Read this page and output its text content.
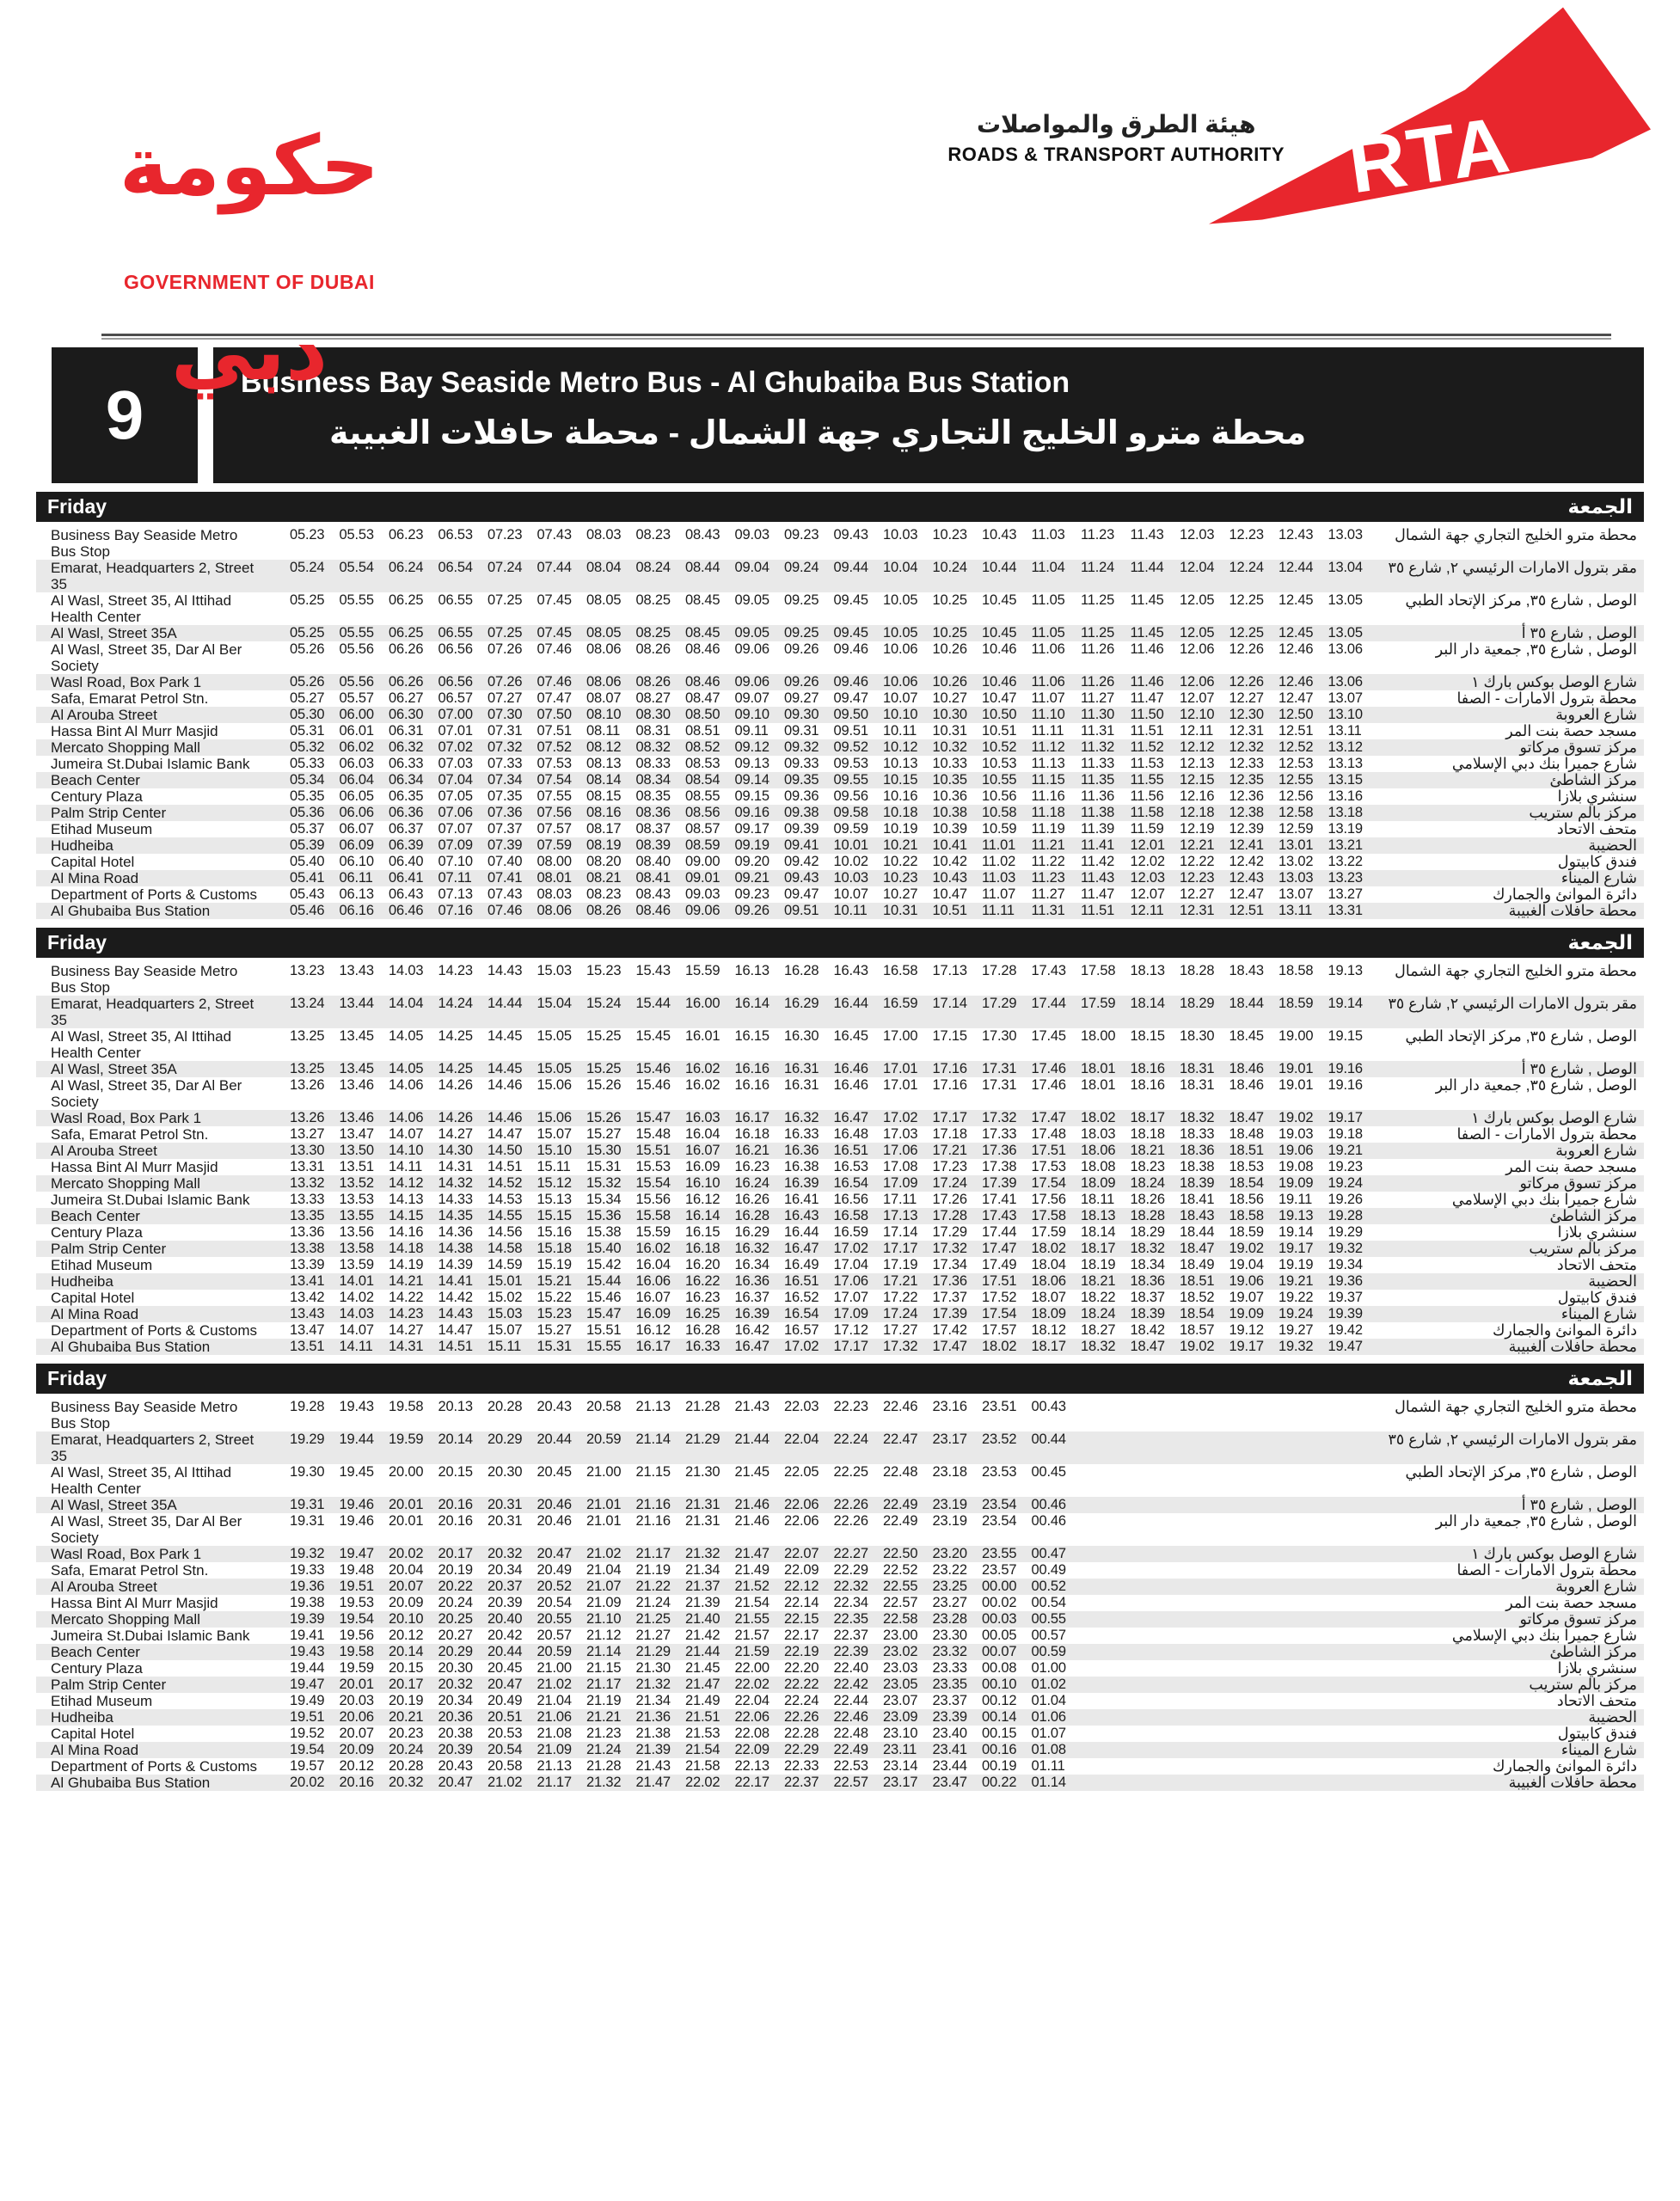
حكومة دبي
GOVERNMENT OF DUBAI
هيئة الطرق والمواصلات
ROADS & TRANSPORT AUTHORITY RTA
9	Business Bay Seaside Metro Bus - Al Ghubaiba Bus Station
محطة مترو الخليج التجاري جهة الشمال - محطة حافلات الغبيبة
Friday	الجمعة
Business Bay Seaside Metro Bus Stop
05.23	05.53	06.23	06.53	07.23	07.43	08.03	08.23	08.43	09.03	09.23	09.43	10.03	10.23	10.43	11.03	11.23	11.43	12.03	12.23	12.43	13.03	محطة مترو الخليج التجاري جهة الشمال
Emarat, Headquarters 2, Street 35
05.24	05.54	06.24	06.54	07.24	07.44	08.04	08.24	08.44	09.04	09.24	09.44	10.04	10.24	10.44	11.04	11.24	11.44	12.04	12.24	12.44	13.04	مقر بترول الامارات الرئيسي ٢, شارع ٣٥
Al Wasl, Street 35, Al Ittihad Health Center
05.25	05.55	06.25	06.55	07.25	07.45	08.05	08.25	08.45	09.05	09.25	09.45	10.05	10.25	10.45	11.05	11.25	11.45	12.05	12.25	12.45	13.05	الوصل , شارع ٣٥, مركز الإتحاد الطبي
Al Wasl, Street 35A	05.25	05.55	06.25	06.55	07.25	07.45	08.05	08.25	08.45	09.05	09.25	09.45	10.05	10.25	10.45	11.05	11.25	11.45	12.05	12.25	12.45	13.05	الوصل , شارع ٣٥ أ
Al Wasl, Street 35, Dar Al Ber Society
05.26	05.56	06.26	06.56	07.26	07.46	08.06	08.26	08.46	09.06	09.26	09.46	10.06	10.26	10.46	11.06	11.26	11.46	12.06	12.26	12.46	13.06	الوصل , شارع ٣٥, جمعية دار البر
Wasl Road, Box Park 1	05.26	05.56	06.26	06.56	07.26	07.46	08.06	08.26	08.46	09.06	09.26	09.46	10.06	10.26	10.46	11.06	11.26	11.46	12.06	12.26	12.46	13.06	شارع الوصل بوكس بارك ١
Safa, Emarat Petrol Stn.	05.27	05.57	06.27	06.57	07.27	07.47	08.07	08.27	08.47	09.07	09.27	09.47	10.07	10.27	10.47	11.07	11.27	11.47	12.07	12.27	12.47	13.07	محطة بترول الامارات - الصفا
Al Arouba Street	05.30	06.00	06.30	07.00	07.30	07.50	08.10	08.30	08.50	09.10	09.30	09.50	10.10	10.30	10.50	11.10	11.30	11.50	12.10	12.30	12.50	13.10	شارع العروبة
Hassa Bint Al Murr Masjid	05.31	06.01	06.31	07.01	07.31	07.51	08.11	08.31	08.51	09.11	09.31	09.51	10.11	10.31	10.51	11.11	11.31	11.51	12.11	12.31	12.51	13.11	مسجد حصة بنت المر
Mercato Shopping Mall	05.32	06.02	06.32	07.02	07.32	07.52	08.12	08.32	08.52	09.12	09.32	09.52	10.12	10.32	10.52	11.12	11.32	11.52	12.12	12.32	12.52	13.12	مركز تسوق مركاتو
Jumeira St.Dubai Islamic Bank	05.33	06.03	06.33	07.03	07.33	07.53	08.13	08.33	08.53	09.13	09.33	09.53	10.13	10.33	10.53	11.13	11.33	11.53	12.13	12.33	12.53	13.13	شارع جميرا بنك دبي الإسلامي
Beach Center	05.34	06.04	06.34	07.04	07.34	07.54	08.14	08.34	08.54	09.14	09.35	09.55	10.15	10.35	10.55	11.15	11.35	11.55	12.15	12.35	12.55	13.15	مركز الشاطئ
Century Plaza	05.35	06.05	06.35	07.05	07.35	07.55	08.15	08.35	08.55	09.15	09.36	09.56	10.16	10.36	10.56	11.16	11.36	11.56	12.16	12.36	12.56	13.16	سنشري بلازا
Palm Strip Center	05.36	06.06	06.36	07.06	07.36	07.56	08.16	08.36	08.56	09.16	09.38	09.58	10.18	10.38	10.58	11.18	11.38	11.58	12.18	12.38	12.58	13.18	مركز بالم ستريب
Etihad Museum	05.37	06.07	06.37	07.07	07.37	07.57	08.17	08.37	08.57	09.17	09.39	09.59	10.19	10.39	10.59	11.19	11.39	11.59	12.19	12.39	12.59	13.19	متحف الاتحاد
Hudheiba	05.39	06.09	06.39	07.09	07.39	07.59	08.19	08.39	08.59	09.19	09.41	10.01	10.21	10.41	11.01	11.21	11.41	12.01	12.21	12.41	13.01	13.21	الحضيبة
Capital Hotel	05.40	06.10	06.40	07.10	07.40	08.00	08.20	08.40	09.00	09.20	09.42	10.02	10.22	10.42	11.02	11.22	11.42	12.02	12.22	12.42	13.02	13.22	فندق كابيتول
Al Mina Road	05.41	06.11	06.41	07.11	07.41	08.01	08.21	08.41	09.01	09.21	09.43	10.03	10.23	10.43	11.03	11.23	11.43	12.03	12.23	12.43	13.03	13.23	شارع الميناء
Department of Ports & Customs	05.43	06.13	06.43	07.13	07.43	08.03	08.23	08.43	09.03	09.23	09.47	10.07	10.27	10.47	11.07	11.27	11.47	12.07	12.27	12.47	13.07	13.27	دائرة الموانئ والجمارك
Al Ghubaiba Bus Station	05.46	06.16	06.46	07.16	07.46	08.06	08.26	08.46	09.06	09.26	09.51	10.11	10.31	10.51	11.11	11.31	11.51	12.11	12.31	12.51	13.11	13.31	محطة حافلات الغبيبة
Friday	الجمعة
Business Bay Seaside Metro Bus Stop
13.23	13.43	14.03	14.23	14.43	15.03	15.23	15.43	15.59	16.13	16.28	16.43	16.58	17.13	17.28	17.43	17.58	18.13	18.28	18.43	18.58	19.13	محطة مترو الخليج التجاري جهة الشمال
Emarat, Headquarters 2, Street 35
13.24	13.44	14.04	14.24	14.44	15.04	15.24	15.44	16.00	16.14	16.29	16.44	16.59	17.14	17.29	17.44	17.59	18.14	18.29	18.44	18.59	19.14	مقر بترول الامارات الرئيسي ٢, شارع ٣٥
Al Wasl, Street 35, Al Ittihad Health Center
13.25	13.45	14.05	14.25	14.45	15.05	15.25	15.45	16.01	16.15	16.30	16.45	17.00	17.15	17.30	17.45	18.00	18.15	18.30	18.45	19.00	19.15	الوصل , شارع ٣٥, مركز الإتحاد الطبي
Al Wasl, Street 35A	13.25	13.45	14.05	14.25	14.45	15.05	15.25	15.46	16.02	16.16	16.31	16.46	17.01	17.16	17.31	17.46	18.01	18.16	18.31	18.46	19.01	19.16	الوصل , شارع ٣٥ أ
Al Wasl, Street 35, Dar Al Ber Society
13.26	13.46	14.06	14.26	14.46	15.06	15.26	15.46	16.02	16.16	16.31	16.46	17.01	17.16	17.31	17.46	18.01	18.16	18.31	18.46	19.01	19.16	الوصل , شارع ٣٥, جمعية دار البر
Wasl Road, Box Park 1	13.26	13.46	14.06	14.26	14.46	15.06	15.26	15.47	16.03	16.17	16.32	16.47	17.02	17.17	17.32	17.47	18.02	18.17	18.32	18.47	19.02	19.17	شارع الوصل بوكس بارك ١
Safa, Emarat Petrol Stn.	13.27	13.47	14.07	14.27	14.47	15.07	15.27	15.48	16.04	16.18	16.33	16.48	17.03	17.18	17.33	17.48	18.03	18.18	18.33	18.48	19.03	19.18	محطة بترول الامارات - الصفا
Al Arouba Street	13.30	13.50	14.10	14.30	14.50	15.10	15.30	15.51	16.07	16.21	16.36	16.51	17.06	17.21	17.36	17.51	18.06	18.21	18.36	18.51	19.06	19.21	شارع العروبة
Hassa Bint Al Murr Masjid	13.31	13.51	14.11	14.31	14.51	15.11	15.31	15.53	16.09	16.23	16.38	16.53	17.08	17.23	17.38	17.53	18.08	18.23	18.38	18.53	19.08	19.23	مسجد حصة بنت المر
Mercato Shopping Mall	13.32	13.52	14.12	14.32	14.52	15.12	15.32	15.54	16.10	16.24	16.39	16.54	17.09	17.24	17.39	17.54	18.09	18.24	18.39	18.54	19.09	19.24	مركز تسوق مركاتو
Jumeira St.Dubai Islamic Bank	13.33	13.53	14.13	14.33	14.53	15.13	15.34	15.56	16.12	16.26	16.41	16.56	17.11	17.26	17.41	17.56	18.11	18.26	18.41	18.56	19.11	19.26	شارع جميرا بنك دبي الإسلامي
Beach Center	13.35	13.55	14.15	14.35	14.55	15.15	15.36	15.58	16.14	16.28	16.43	16.58	17.13	17.28	17.43	17.58	18.13	18.28	18.43	18.58	19.13	19.28	مركز الشاطئ
Century Plaza	13.36	13.56	14.16	14.36	14.56	15.16	15.38	15.59	16.15	16.29	16.44	16.59	17.14	17.29	17.44	17.59	18.14	18.29	18.44	18.59	19.14	19.29	سنشري بلازا
Palm Strip Center	13.38	13.58	14.18	14.38	14.58	15.18	15.40	16.02	16.18	16.32	16.47	17.02	17.17	17.32	17.47	18.02	18.17	18.32	18.47	19.02	19.17	19.32	مركز بالم ستريب
Etihad Museum	13.39	13.59	14.19	14.39	14.59	15.19	15.42	16.04	16.20	16.34	16.49	17.04	17.19	17.34	17.49	18.04	18.19	18.34	18.49	19.04	19.19	19.34	متحف الاتحاد
Hudheiba	13.41	14.01	14.21	14.41	15.01	15.21	15.44	16.06	16.22	16.36	16.51	17.06	17.21	17.36	17.51	18.06	18.21	18.36	18.51	19.06	19.21	19.36	الحضيبة
Capital Hotel	13.42	14.02	14.22	14.42	15.02	15.22	15.46	16.07	16.23	16.37	16.52	17.07	17.22	17.37	17.52	18.07	18.22	18.37	18.52	19.07	19.22	19.37	فندق كابيتول
Al Mina Road	13.43	14.03	14.23	14.43	15.03	15.23	15.47	16.09	16.25	16.39	16.54	17.09	17.24	17.39	17.54	18.09	18.24	18.39	18.54	19.09	19.24	19.39	شارع الميناء
Department of Ports & Customs	13.47	14.07	14.27	14.47	15.07	15.27	15.51	16.12	16.28	16.42	16.57	17.12	17.27	17.42	17.57	18.12	18.27	18.42	18.57	19.12	19.27	19.42	دائرة الموانئ والجمارك
Al Ghubaiba Bus Station	13.51	14.11	14.31	14.51	15.11	15.31	15.55	16.17	16.33	16.47	17.02	17.17	17.32	17.47	18.02	18.17	18.32	18.47	19.02	19.17	19.32	19.47	محطة حافلات الغبيبة
Friday	الجمعة
Business Bay Seaside Metro Bus Stop
19.28	19.43	19.58	20.13	20.28	20.43	20.58	21.13	21.28	21.43	22.03	22.23	22.46	23.16	23.51	00.43	محطة مترو الخليج التجاري جهة الشمال
Emarat, Headquarters 2, Street 35
19.29	19.44	19.59	20.14	20.29	20.44	20.59	21.14	21.29	21.44	22.04	22.24	22.47	23.17	23.52	00.44	مقر بترول الامارات الرئيسي ٢, شارع ٣٥
Al Wasl, Street 35, Al Ittihad Health Center
19.30	19.45	20.00	20.15	20.30	20.45	21.00	21.15	21.30	21.45	22.05	22.25	22.48	23.18	23.53	00.45	الوصل , شارع ٣٥, مركز الإتحاد الطبي
Al Wasl, Street 35A	19.31	19.46	20.01	20.16	20.31	20.46	21.01	21.16	21.31	21.46	22.06	22.26	22.49	23.19	23.54	00.46	الوصل , شارع ٣٥ أ
Al Wasl, Street 35, Dar Al Ber Society
19.31	19.46	20.01	20.16	20.31	20.46	21.01	21.16	21.31	21.46	22.06	22.26	22.49	23.19	23.54	00.46	الوصل , شارع ٣٥, جمعية دار البر
Wasl Road, Box Park 1	19.32	19.47	20.02	20.17	20.32	20.47	21.02	21.17	21.32	21.47	22.07	22.27	22.50	23.20	23.55	00.47	شارع الوصل بوكس بارك ١
Safa, Emarat Petrol Stn.	19.33	19.48	20.04	20.19	20.34	20.49	21.04	21.19	21.34	21.49	22.09	22.29	22.52	23.22	23.57	00.49	محطة بترول الامارات - الصفا
Al Arouba Street	19.36	19.51	20.07	20.22	20.37	20.52	21.07	21.22	21.37	21.52	22.12	22.32	22.55	23.25	00.00	00.52	شارع العروبة
Hassa Bint Al Murr Masjid	19.38	19.53	20.09	20.24	20.39	20.54	21.09	21.24	21.39	21.54	22.14	22.34	22.57	23.27	00.02	00.54	مسجد حصة بنت المر
Mercato Shopping Mall	19.39	19.54	20.10	20.25	20.40	20.55	21.10	21.25	21.40	21.55	22.15	22.35	22.58	23.28	00.03	00.55	مركز تسوق مركاتو
Jumeira St.Dubai Islamic Bank	19.41	19.56	20.12	20.27	20.42	20.57	21.12	21.27	21.42	21.57	22.17	22.37	23.00	23.30	00.05	00.57	شارع جميرا بنك دبي الإسلامي
Beach Center	19.43	19.58	20.14	20.29	20.44	20.59	21.14	21.29	21.44	21.59	22.19	22.39	23.02	23.32	00.07	00.59	مركز الشاطئ
Century Plaza	19.44	19.59	20.15	20.30	20.45	21.00	21.15	21.30	21.45	22.00	22.20	22.40	23.03	23.33	00.08	01.00	سنشري بلازا
Palm Strip Center	19.47	20.01	20.17	20.32	20.47	21.02	21.17	21.32	21.47	22.02	22.22	22.42	23.05	23.35	00.10	01.02	مركز بالم ستريب
Etihad Museum	19.49	20.03	20.19	20.34	20.49	21.04	21.19	21.34	21.49	22.04	22.24	22.44	23.07	23.37	00.12	01.04	متحف الاتحاد
Hudheiba	19.51	20.06	20.21	20.36	20.51	21.06	21.21	21.36	21.51	22.06	22.26	22.46	23.09	23.39	00.14	01.06	الحضيبة
Capital Hotel	19.52	20.07	20.23	20.38	20.53	21.08	21.23	21.38	21.53	22.08	22.28	22.48	23.10	23.40	00.15	01.07	فندق كابيتول
Al Mina Road	19.54	20.09	20.24	20.39	20.54	21.09	21.24	21.39	21.54	22.09	22.29	22.49	23.11	23.41	00.16	01.08	شارع الميناء
Department of Ports & Customs	19.57	20.12	20.28	20.43	20.58	21.13	21.28	21.43	21.58	22.13	22.33	22.53	23.14	23.44	00.19	01.11	دائرة الموانئ والجمارك
Al Ghubaiba Bus Station	20.02	20.16	20.32	20.47	21.02	21.17	21.32	21.47	22.02	22.17	22.37	22.57	23.17	23.47	00.22	01.14	محطة حافلات الغبيبة
